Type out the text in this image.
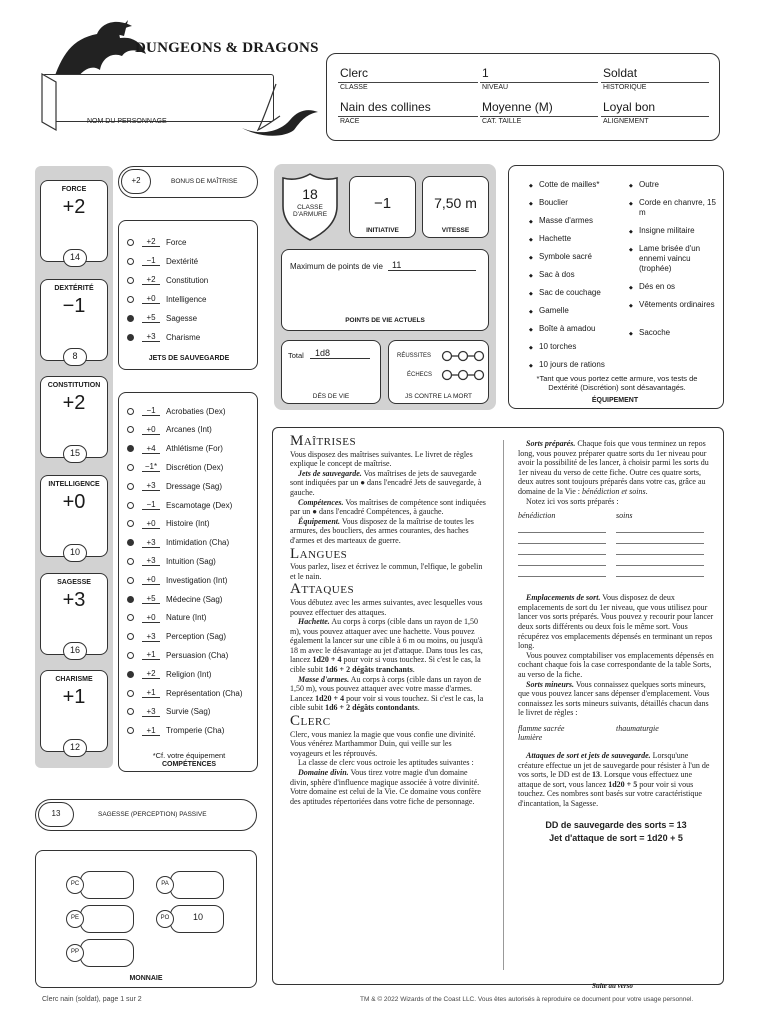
DUNGEONS & DRAGONS
NOM DU PERSONNAGE
Clerc
CLASSE
1
NIVEAU
Soldat
HISTORIQUE
Nain des collines
RACE
Moyenne (M)
CAT. TAILLE
Loyal bon
ALIGNEMENT
FORCE
+2
14
DEXTÉRITÉ
−1
8
CONSTITUTION
+2
15
INTELLIGENCE
+0
10
SAGESSE
+3
16
CHARISME
+1
12
+2	BONUS DE MAÎTRISE
+2	Force
−1	Dextérité
+2	Constitution
+0	Intelligence
+5	Sagesse
+3	Charisme
JETS DE SAUVEGARDE
−1	Acrobaties (Dex)
+0	Arcanes (Int)
+4	Athlétisme (For)
−1*	Discrétion (Dex)
+3	Dressage (Sag)
−1	Escamotage (Dex)
+0	Histoire (Int)
+3	Intimidation (Cha)
+3	Intuition (Sag)
+0	Investigation (Int)
+5	Médecine (Sag)
+0	Nature (Int)
+3	Perception (Sag)
+1	Persuasion (Cha)
+2	Religion (Int)
+1	Représentation (Cha)
+3	Survie (Sag)
+1	Tromperie (Cha)
*Cf. votre équipement
COMPÉTENCES
18
CLASSE
D'ARMURE
−1
INITIATIVE
7,50 m
VITESSE
Maximum de points de vie	11
POINTS DE VIE ACTUELS
Total	1d8
DÉS DE VIE
RÉUSSITES
ÉCHECS
JS CONTRE LA MORT
◆ Cotte de mailles*
◆ Bouclier
◆ Masse d'armes
◆ Hachette
◆ Symbole sacré
◆ Sac à dos
◆ Sac de couchage
◆ Gamelle
◆ Boîte à amadou
◆ 10 torches
◆ 10 jours de rations
◆ Outre
◆ Corde en chanvre, 15 m
◆ Insigne militaire
◆ Lame brisée d'un ennemi vaincu (trophée)
◆ Dés en os
◆ Vêtements ordinaires
◆ Sacoche
*Tant que vous portez cette armure, vos tests de Dextérité (Discrétion) sont désavantagés.
ÉQUIPEMENT
Maîtrises

Vous disposez des maîtrises suivantes. Le livret de règles explique le concept de maîtrise.

Jets de sauvegarde. Vos maîtrises de jets de sauvegarde sont indiquées par un ● dans l'encadré Jets de sauvegarde, à gauche.

Compétences. Vos maîtrises de compétence sont indiquées par un ● dans l'encadré Compétences, à gauche.

Équipement. Vous disposez de la maîtrise de toutes les armures, des boucliers, des armes courantes, des haches d'armes et des marteaux de guerre.

Langues

Vous parlez, lisez et écrivez le commun, l'elfique, le gobelin et le nain.

Attaques

Vous débutez avec les armes suivantes, avec lesquelles vous pouvez effectuer des attaques.

Hachette. Au corps à corps (cible dans un rayon de 1,50 m), vous pouvez attaquer avec une hachette. Vous pouvez également la lancer sur une cible à 6 m ou moins, ou jusqu'à 18 m avec le désavantage au jet d'attaque. Dans tous les cas, lancez 1d20 + 4 pour voir si vous touchez. Si c'est le cas, la cible subit 1d6 + 2 dégâts tranchants.

Masse d'armes. Au corps à corps (cible dans un rayon de 1,50 m), vous pouvez attaquer avec votre masse d'armes. Lancez 1d20 + 4 pour voir si vous touchez. Si c'est le cas, la cible subit 1d6 + 2 dégâts contondants.

Clerc

Clerc, vous maniez la magie que vous confie une divinité. Vous vénérez Marthammor Duin, qui veille sur les voyageurs et les réprouvés.

La classe de clerc vous octroie les aptitudes suivantes :

Domaine divin. Vous tirez votre magie d'un domaine divin, sphère d'influence magique associée à votre divinité. Votre domaine est celui de la Vie. Ce domaine vous confère des aptitudes répertoriées dans votre fiche de personnage.

Sorts préparés. Chaque fois que vous terminez un repos long, vous pouvez préparer quatre sorts du 1er niveau pour avoir la possibilité de les lancer, à choisir parmi les sorts du 1er niveau du verso de cette fiche. Outre ces quatre sorts, deux autres sont toujours préparés dans votre cas, grâce au domaine de la Vie : bénédiction et soins.

Notez ici vos sorts préparés :

bénédiction	soins

Emplacements de sort. Vous disposez de deux emplacements de sort du 1er niveau, que vous utilisez pour lancer vos sorts préparés. Vous pouvez y recourir pour lancer deux sorts différents ou deux fois le même sort. Vous récupérez vos emplacements dépensés en terminant un repos long.

Vous pouvez comptabiliser vos emplacements dépensés en cochant chaque fois la case correspondante de la table Sorts, au verso de la fiche.

Sorts mineurs. Vous connaissez quelques sorts mineurs, que vous pouvez lancer sans dépenser d'emplacement. Vous connaissez les sorts mineurs suivants, détaillés chacun dans le livret de règles :

flamme sacrée
lumière
thaumaturgie

Attaques de sort et jets de sauvegarde. Lorsqu'une créature effectue un jet de sauvegarde pour résister à l'un de vos sorts, le DD est de 13. Lorsque vous effectuez une attaque de sort, vous lancez 1d20 + 5 pour voir si vous touchez. Ces nombres sont basés sur votre caractéristique d'incantation, la Sagesse.

DD de sauvegarde des sorts = 13
Jet d'attaque de sort = 1d20 + 5
Suite au verso
13	SAGESSE (PERCEPTION) PASSIVE
PC	PA
PE	10
PO
PP
MONNAIE
Clerc nain (soldat), page 1 sur 2	TM & © 2022 Wizards of the Coast LLC. Vous êtes autorisés à reproduire ce document pour votre usage personnel.
